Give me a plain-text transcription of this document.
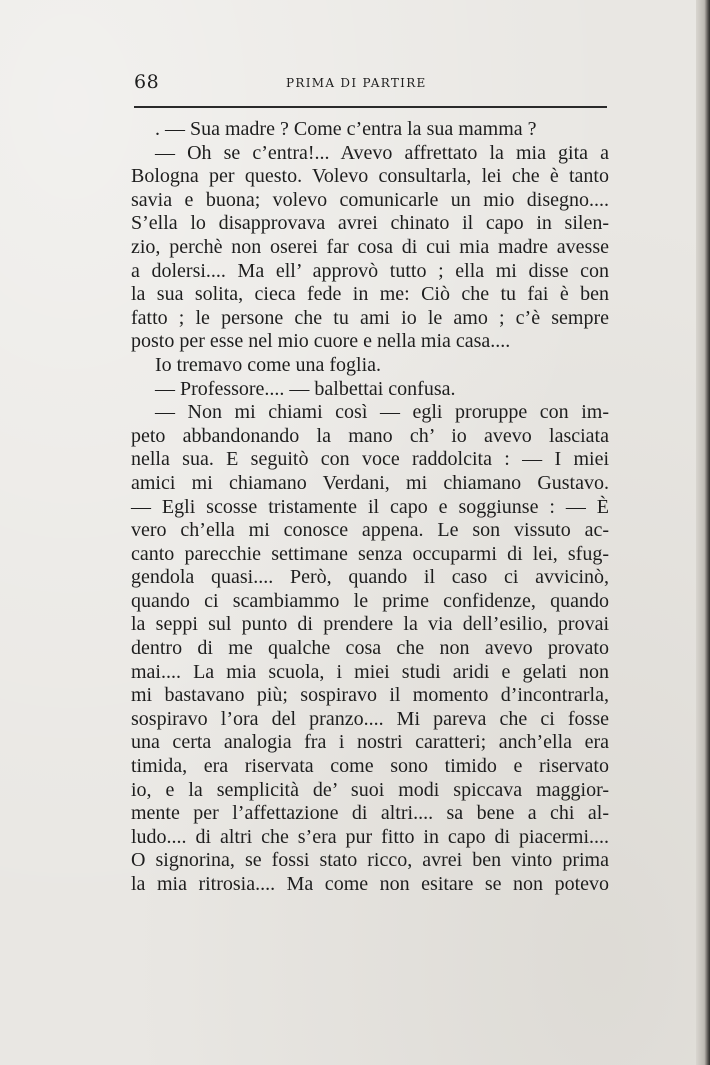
68	PRIMA DI PARTIRE
. — Sua madre ? Come c’entra la sua mamma ?
— Oh se c’entra!... Avevo affrettato la mia gita a
Bologna per questo. Volevo consultarla, lei che è tanto
savia e buona; volevo comunicarle un mio disegno....
S’ella lo disapprovava avrei chinato il capo in silen-
zio, perchè non oserei far cosa di cui mia madre avesse
a dolersi.... Ma ell’ approvò tutto ; ella mi disse con
la sua solita, cieca fede in me: Ciò che tu fai è ben
fatto ; le persone che tu ami io le amo ; c’è sempre
posto per esse nel mio cuore e nella mia casa....
Io tremavo come una foglia.
— Professore.... — balbettai confusa.
— Non mi chiami così — egli proruppe con im-
peto abbandonando la mano ch’ io avevo lasciata
nella sua. E seguitò con voce raddolcita : — I miei
amici mi chiamano Verdani, mi chiamano Gustavo.
— Egli scosse tristamente il capo e soggiunse : — È
vero ch’ella mi conosce appena. Le son vissuto ac-
canto parecchie settimane senza occuparmi di lei, sfug-
gendola quasi.... Però, quando il caso ci avvicinò,
quando ci scambiammo le prime confidenze, quando
la seppi sul punto di prendere la via dell’esilio, provai
dentro di me qualche cosa che non avevo provato
mai.... La mia scuola, i miei studi aridi e gelati non
mi bastavano più; sospiravo il momento d’incontrarla,
sospiravo l’ora del pranzo.... Mi pareva che ci fosse
una certa analogia fra i nostri caratteri; anch’ella era
timida, era riservata come sono timido e riservato
io, e la semplicità de’ suoi modi spiccava maggior-
mente per l’affettazione di altri.... sa bene a chi al-
ludo.... di altri che s’era pur fitto in capo di piacermi....
O signorina, se fossi stato ricco, avrei ben vinto prima
la mia ritrosia.... Ma come non esitare se non potevo
